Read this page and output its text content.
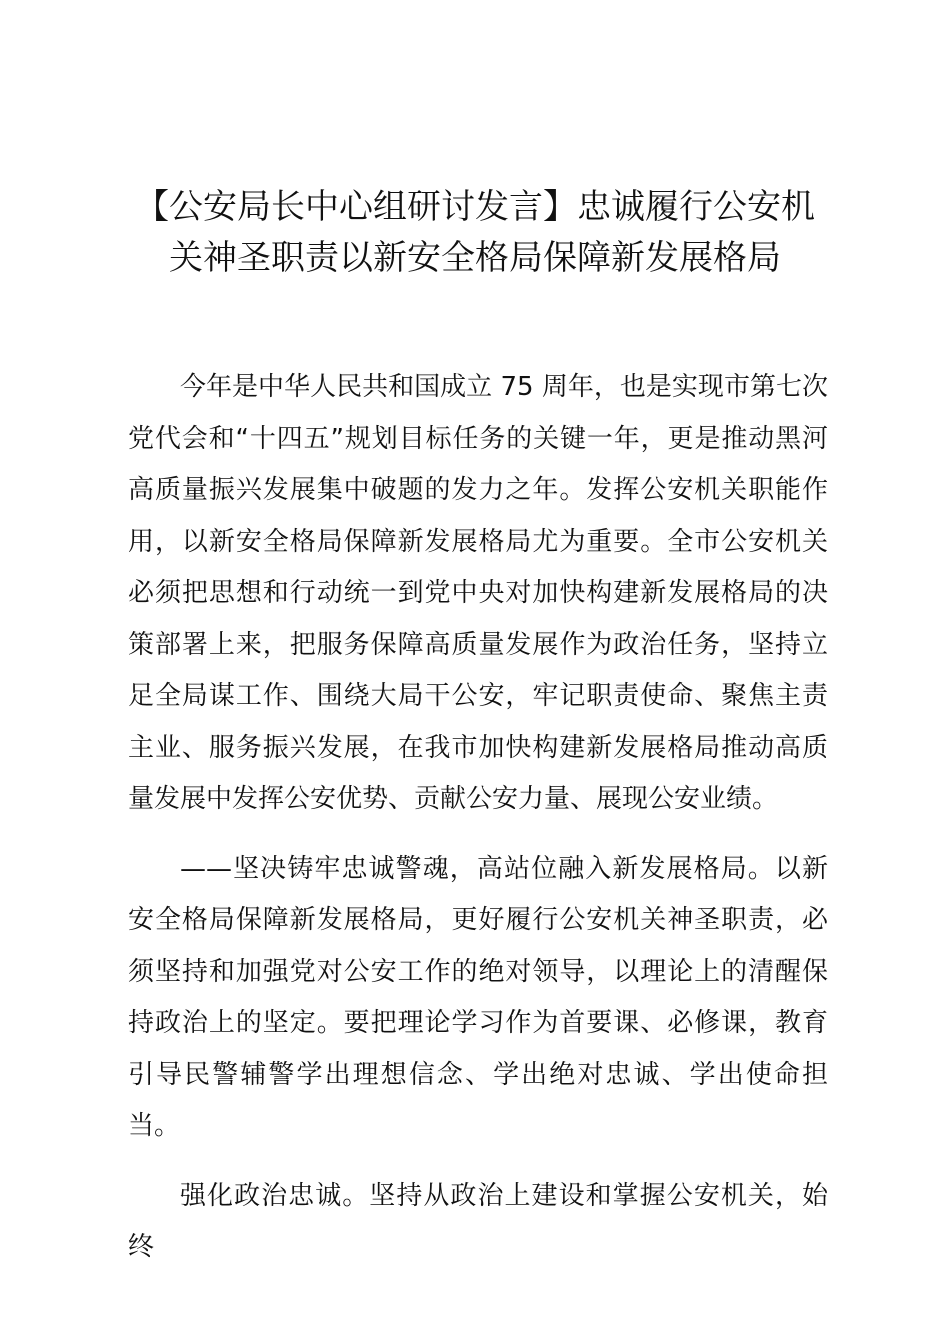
【公安局长中心组研讨发言】忠诚履行公安机
关神圣职责以新安全格局保障新发展格局

今年是中华人民共和国成立 75 周年，也是实现市第七次党代会和“十四五”规划目标任务的关键一年，更是推动黑河高质量振兴发展集中破题的发力之年。发挥公安机关职能作用，以新安全格局保障新发展格局尤为重要。全市公安机关必须把思想和行动统一到党中央对加快构建新发展格局的决策部署上来，把服务保障高质量发展作为政治任务，坚持立足全局谋工作、围绕大局干公安，牢记职责使命、聚焦主责主业、服务振兴发展，在我市加快构建新发展格局推动高质量发展中发挥公安优势、贡献公安力量、展现公安业绩。

——坚决铸牢忠诚警魂，高站位融入新发展格局。以新安全格局保障新发展格局，更好履行公安机关神圣职责，必须坚持和加强党对公安工作的绝对领导，以理论上的清醒保持政治上的坚定。要把理论学习作为首要课、必修课，教育引导民警辅警学出理想信念、学出绝对忠诚、学出使命担当。

强化政治忠诚。坚持从政治上建设和掌握公安机关，始终
